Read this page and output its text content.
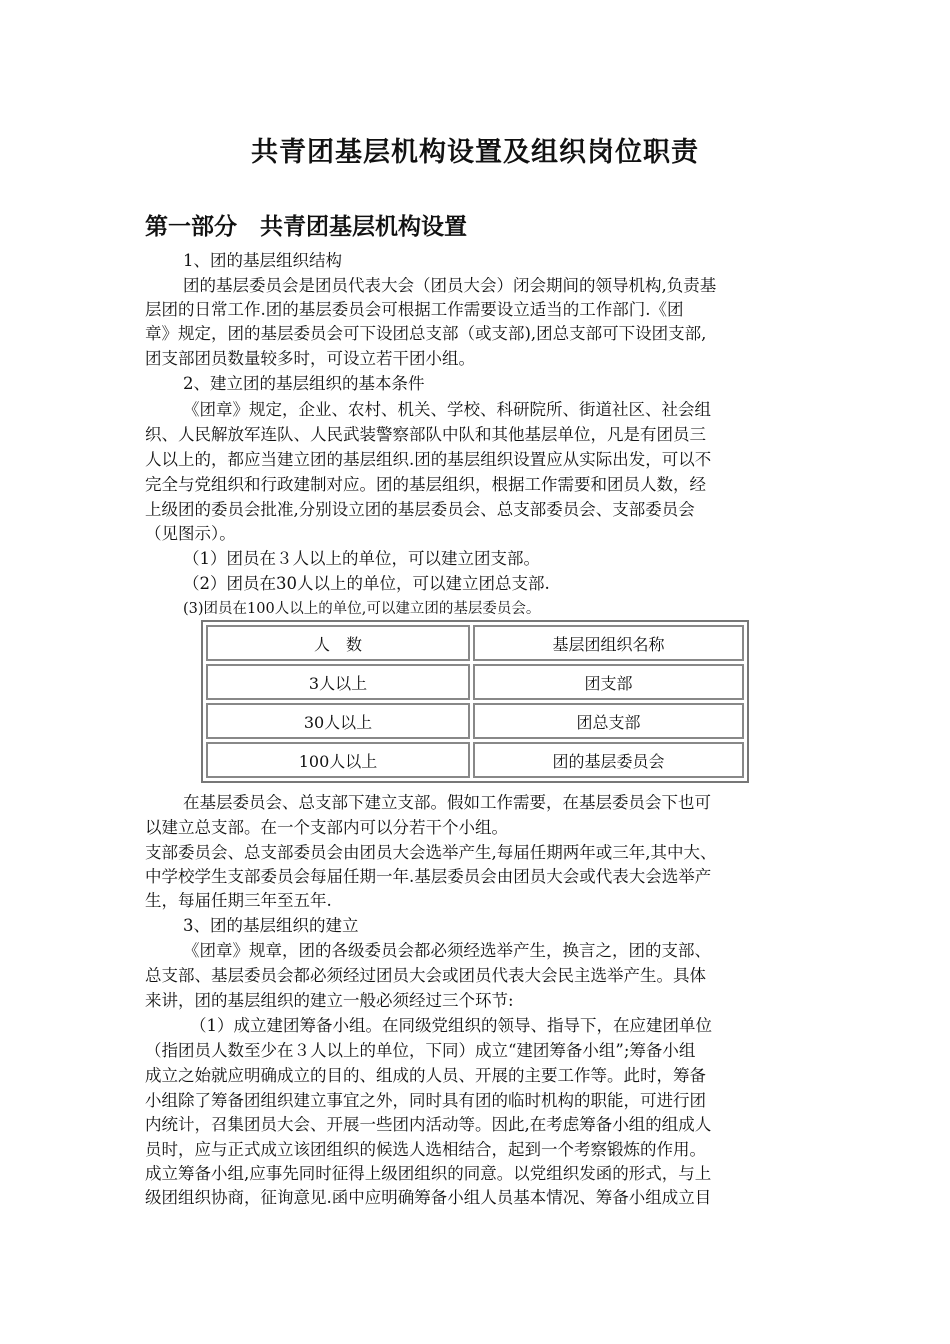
共青团基层机构设置及组织岗位职责
第一部分　共青团基层机构设置
1、团的基层组织结构
团的基层委员会是团员代表大会（团员大会）闭会期间的领导机构,负责基
层团的日常工作.团的基层委员会可根据工作需要设立适当的工作部门.《团
章》规定，团的基层委员会可下设团总支部（或支部),团总支部可下设团支部,
团支部团员数量较多时，可设立若干团小组。
2、建立团的基层组织的基本条件
《团章》规定，企业、农村、机关、学校、科研院所、街道社区、社会组
织、人民解放军连队、人民武装警察部队中队和其他基层单位，凡是有团员三
人以上的，都应当建立团的基层组织.团的基层组织设置应从实际出发，可以不
完全与党组织和行政建制对应。团的基层组织，根据工作需要和团员人数，经
上级团的委员会批准,分别设立团的基层委员会、总支部委员会、支部委员会
（见图示）。
（1）团员在３人以上的单位，可以建立团支部。
（2）团员在30人以上的单位，可以建立团总支部.
(3)团员在100人以上的单位,可以建立团的基层委员会。
人　数	基层团组织名称
3人以上	团支部
30人以上	团总支部
100人以上	团的基层委员会
在基层委员会、总支部下建立支部。假如工作需要，在基层委员会下也可
以建立总支部。在一个支部内可以分若干个小组。
支部委员会、总支部委员会由团员大会选举产生,每届任期两年或三年,其中大、
中学校学生支部委员会每届任期一年.基层委员会由团员大会或代表大会选举产
生，每届任期三年至五年.
3、团的基层组织的建立
《团章》规章，团的各级委员会都必须经选举产生，换言之，团的支部、
总支部、基层委员会都必须经过团员大会或团员代表大会民主选举产生。具体
来讲，团的基层组织的建立一般必须经过三个环节:
（1）成立建团筹备小组。在同级党组织的领导、指导下，在应建团单位
（指团员人数至少在３人以上的单位，下同）成立“建团筹备小组”;筹备小组
成立之始就应明确成立的目的、组成的人员、开展的主要工作等。此时，筹备
小组除了筹备团组织建立事宜之外，同时具有团的临时机构的职能，可进行团
内统计，召集团员大会、开展一些团内活动等。因此,在考虑筹备小组的组成人
员时，应与正式成立该团组织的候选人选相结合，起到一个考察锻炼的作用。
成立筹备小组,应事先同时征得上级团组织的同意。以党组织发函的形式，与上
级团组织协商，征询意见.函中应明确筹备小组人员基本情况、筹备小组成立目
